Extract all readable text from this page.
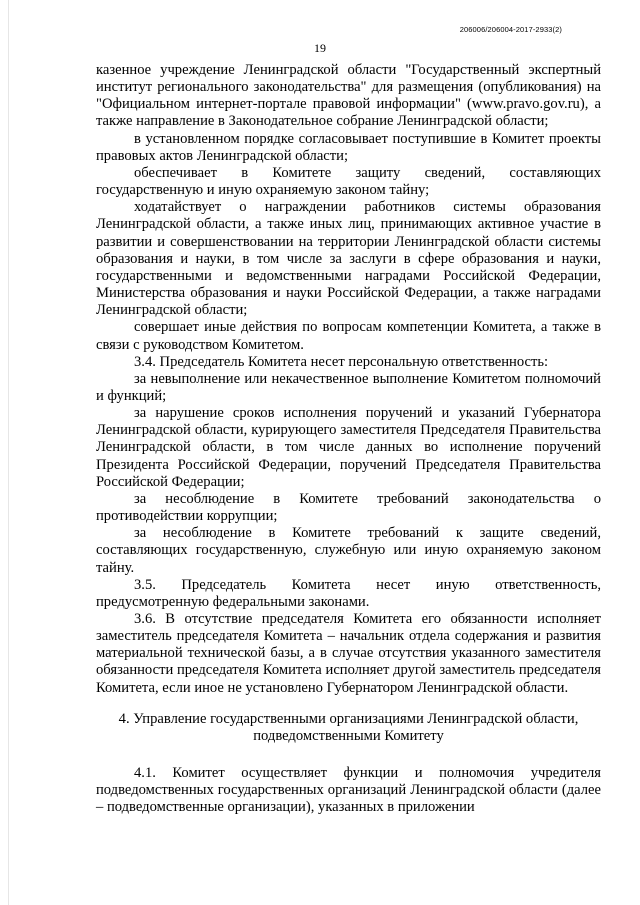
206006/206004-2017-2933(2)
19

казенное учреждение Ленинградской области "Государственный экспертный институт регионального законодательства" для размещения (опубликования) на "Официальном интернет-портале правовой информации" (www.pravo.gov.ru), а также направление в Законодательное собрание Ленинградской области;

в установленном порядке согласовывает поступившие в Комитет проекты правовых актов Ленинградской области;

обеспечивает в Комитете защиту сведений, составляющих государственную и иную охраняемую законом тайну;

ходатайствует о награждении работников системы образования Ленинградской области, а также иных лиц, принимающих активное участие в развитии и совершенствовании на территории Ленинградской области системы образования и науки, в том числе за заслуги в сфере образования и науки, государственными и ведомственными наградами Российской Федерации, Министерства образования и науки Российской Федерации, а также наградами Ленинградской области;

совершает иные действия по вопросам компетенции Комитета, а также в связи с руководством Комитетом.

3.4. Председатель Комитета несет персональную ответственность:

за невыполнение или некачественное выполнение Комитетом полномочий и функций;

за нарушение сроков исполнения поручений и указаний Губернатора Ленинградской области, курирующего заместителя Председателя Правительства Ленинградской области, в том числе данных во исполнение поручений Президента Российской Федерации, поручений Председателя Правительства Российской Федерации;

за несоблюдение в Комитете требований законодательства о противодействии коррупции;

за несоблюдение в Комитете требований к защите сведений, составляющих государственную, служебную или иную охраняемую законом тайну.

3.5. Председатель Комитета несет иную ответственность, предусмотренную федеральными законами.

3.6. В отсутствие председателя Комитета его обязанности исполняет заместитель председателя Комитета – начальник отдела содержания и развития материальной технической базы, а в случае отсутствия указанного заместителя обязанности председателя Комитета исполняет другой заместитель председателя Комитета, если иное не установлено Губернатором Ленинградской области.

4. Управление государственными организациями Ленинградской области,
подведомственными Комитету

4.1. Комитет осуществляет функции и полномочия учредителя подведомственных государственных организаций Ленинградской области (далее – подведомственные организации), указанных в приложении
